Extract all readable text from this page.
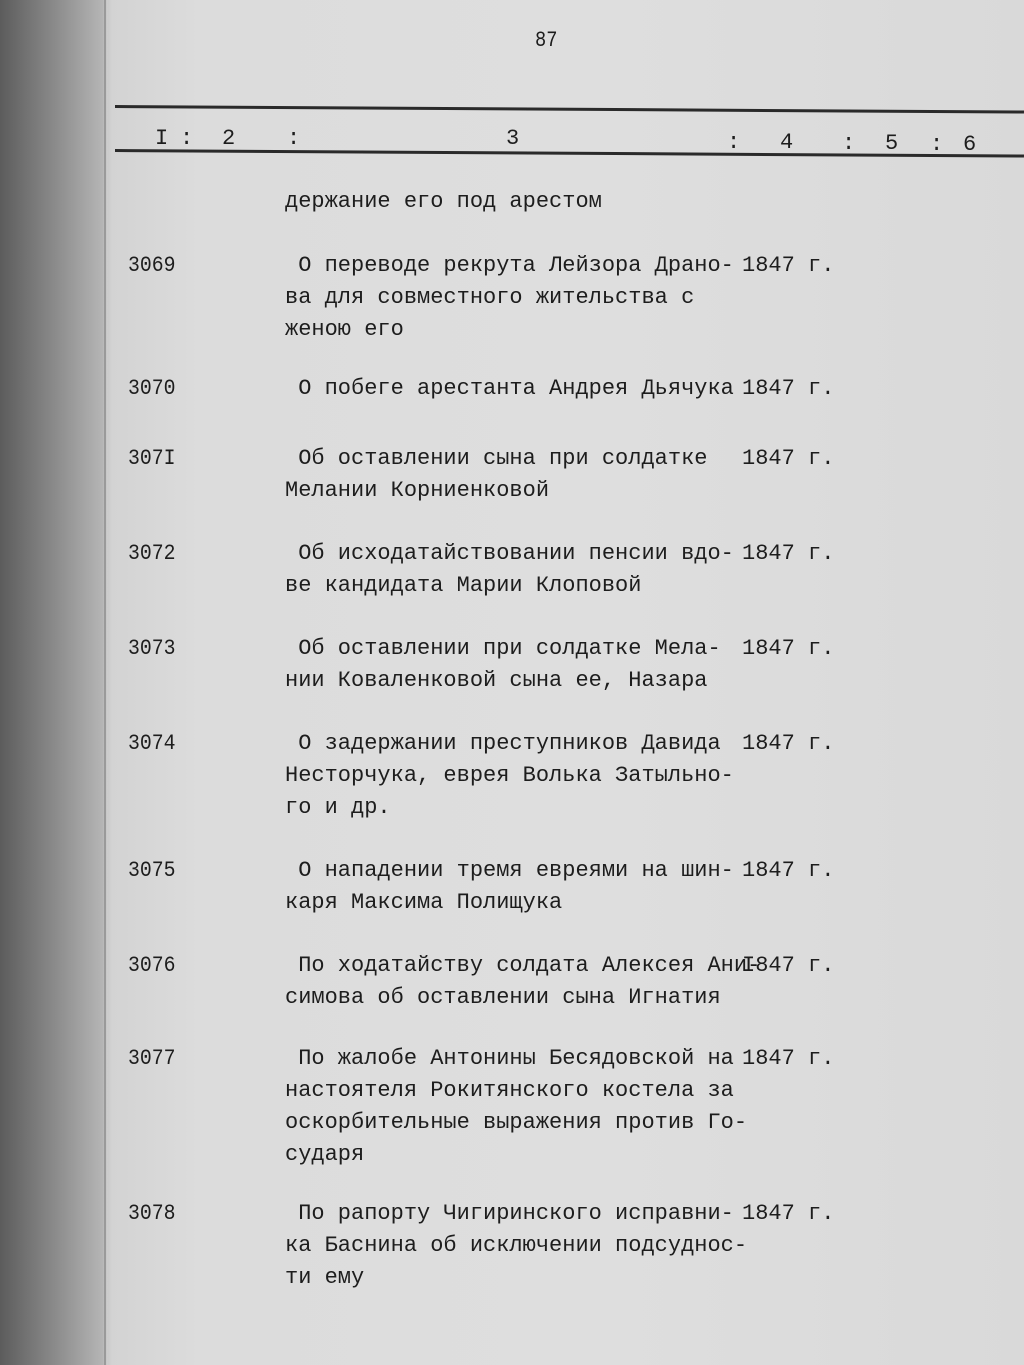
87
I : 2 :	3	: 4 : 5 : 6
держание его под арестом
3069	О переводе рекрута Лейзора Драно-
ва для совместного жительства с
женою его
1847 г.
3070	О побеге арестанта Андрея Дьячука 1847 г.
307I	Об оставлении сына при солдатке
Мелании Корниенковой
1847 г.
3072	Об исходатайствовании пенсии вдо-
ве кандидата Марии Клоповой
1847 г.
3073	Об оставлении при солдатке Мела-
нии Коваленковой сына ее, Назара
1847 г.
3074	О задержании преступников Давида
Несторчука, еврея Волька Затыльно-
го и др.
1847 г.
3075	О нападении тремя евреями на шин-
каря Максима Полищука
1847 г.
3076	По ходатайству солдата Алексея Ани-
симова об оставлении сына Игнатия
I847 г.
3077	По жалобе Антонины Бесядовской на
настоятеля Рокитянского костела за
оскорбительные выражения против Го-
сударя
1847 г.
3078	По рапорту Чигиринского исправни-
ка Баснина об исключении подсуднос-
ти ему
1847 г.
